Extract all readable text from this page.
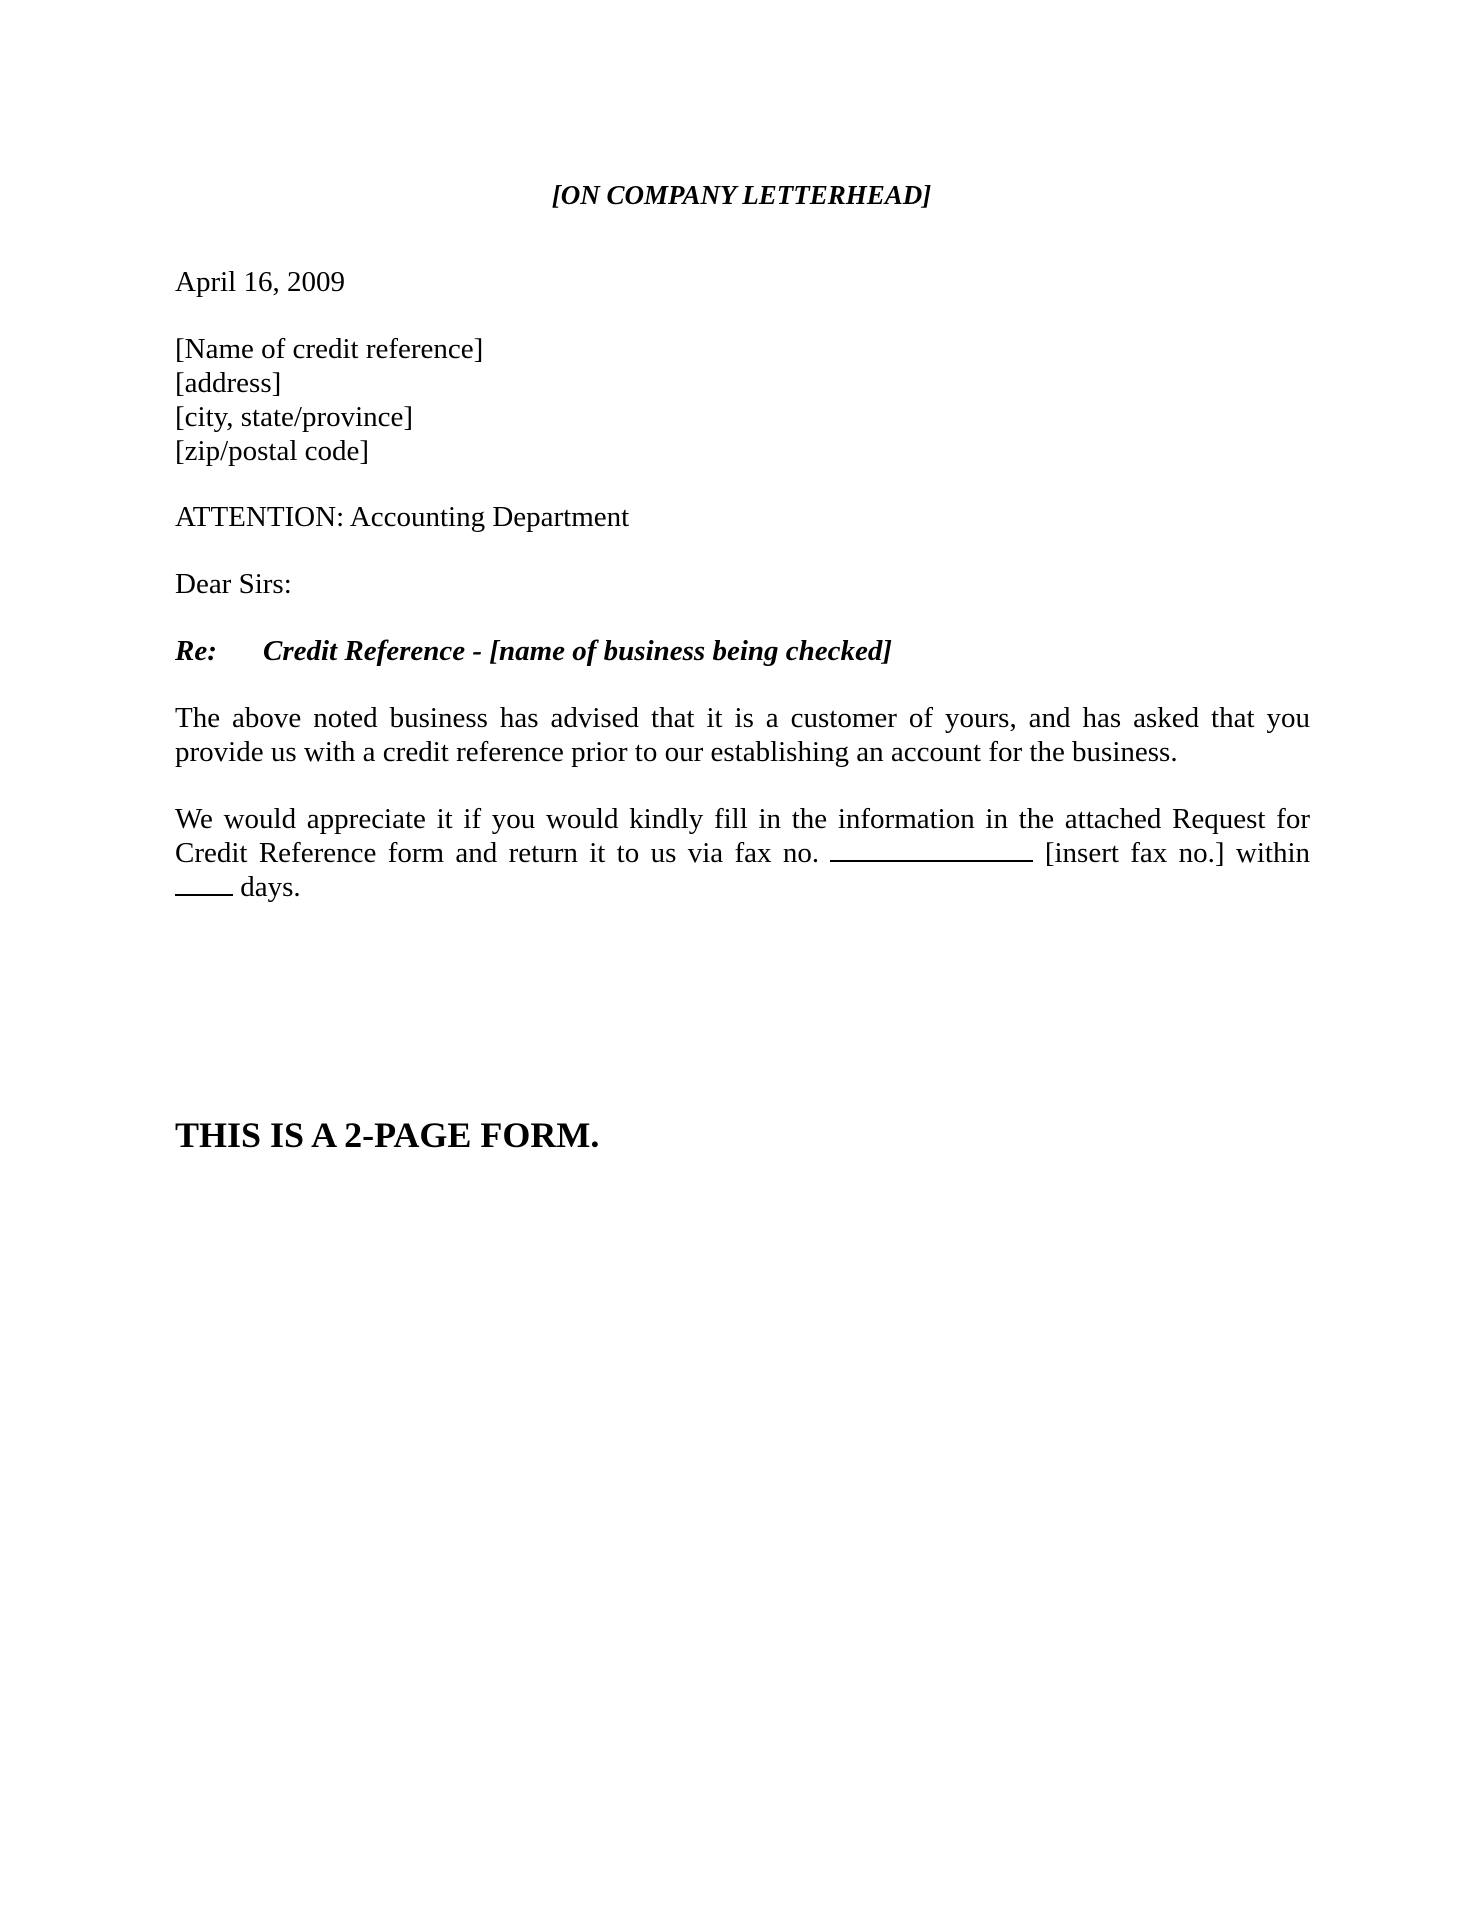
[ON COMPANY LETTERHEAD]
April 16, 2009
[Name of credit reference]
[address]
[city, state/province]
[zip/postal code]
ATTENTION: Accounting Department
Dear Sirs:
Re: Credit Reference - [name of business being checked]
The above noted business has advised that it is a customer of yours, and has asked that you provide us with a credit reference prior to our establishing an account for the business.
We would appreciate it if you would kindly fill in the information in the attached Request for Credit Reference form and return it to us via fax no.	[insert fax no.] within  days.
THIS IS A 2-PAGE FORM.
